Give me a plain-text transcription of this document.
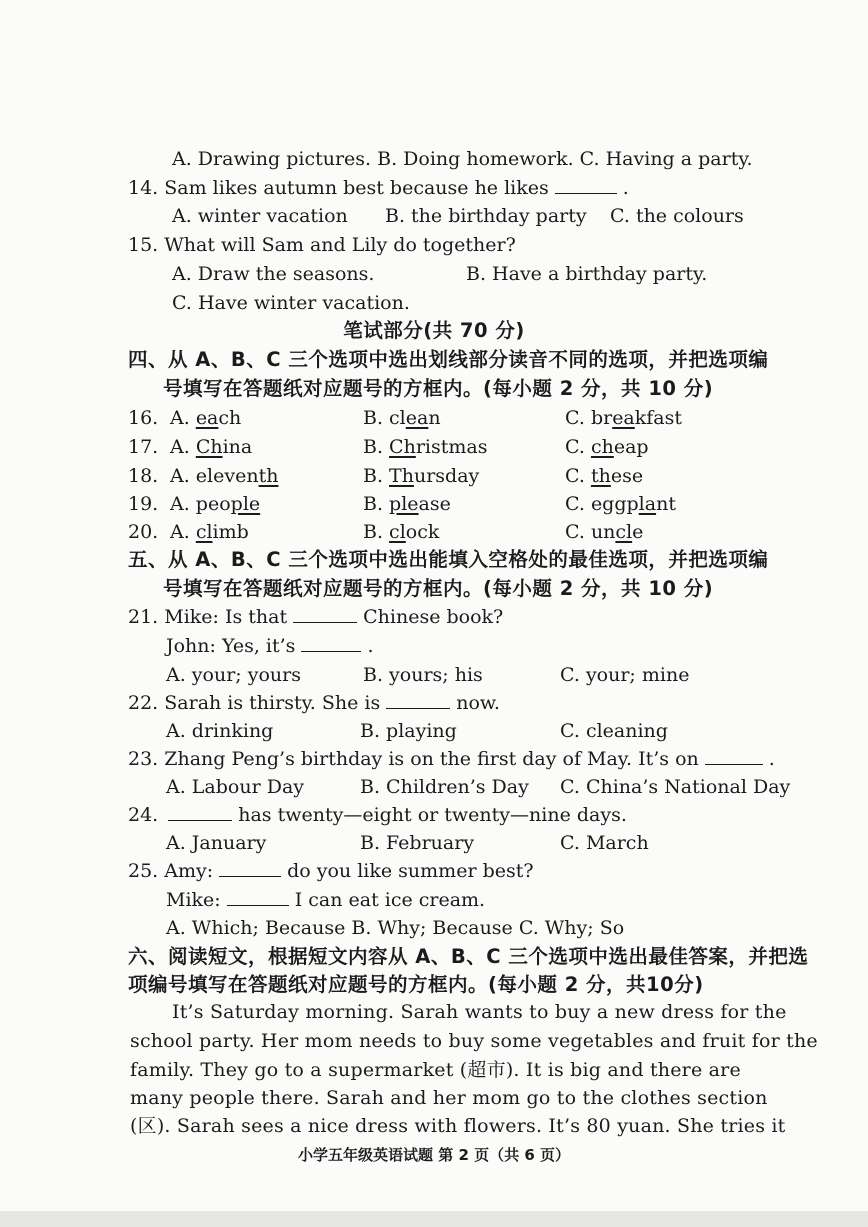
A. Drawing pictures. B. Doing homework. C. Having a party.
14. Sam likes autumn best because he likes	.
A. winter vacation B. the birthday party C. the colours
15. What will Sam and Lily do together?
A. Draw the seasons.	B. Have a birthday party.
C. Have winter vacation.
笔试部分(共 70 分)
四、从 A、B、C 三个选项中选出划线部分读音不同的选项，并把选项编
号填写在答题纸对应题号的方框内。(每小题 2 分，共 10 分)
16. A. each	B. clean	C. breakfast
17. A. China	B. Christmas	C. cheap
18. A. eleventh	B. Thursday	C. these
19. A. people	B. please	C. eggplant
20. A. climb	B. clock	C. uncle
五、从 A、B、C 三个选项中选出能填入空格处的最佳选项，并把选项编
号填写在答题纸对应题号的方框内。(每小题 2 分，共 10 分)
21. Mike: Is that	Chinese book?
John: Yes, it’s	.
A. your; yours	B. yours; his	C. your; mine
22. Sarah is thirsty. She is	now.
A. drinking	B. playing	C. cleaning
23. Zhang Peng’s birthday is on the first day of May. It’s on	.
A. Labour Day	B. Children’s Day C. China’s National Day
24.	has twenty—eight or twenty—nine days.
A. January	B. February	C. March
25. Amy:	do you like summer best?
Mike:	I can eat ice cream.
A. Which; Because B. Why; Because C. Why; So
六、阅读短文，根据短文内容从 A、B、C 三个选项中选出最佳答案，并把选
项编号填写在答题纸对应题号的方框内。(每小题 2 分，共10分)
It’s Saturday morning. Sarah wants to buy a new dress for the
school party. Her mom needs to buy some vegetables and fruit for the
family. They go to a supermarket (超市). It is big and there are
many people there. Sarah and her mom go to the clothes section
(区). Sarah sees a nice dress with flowers. It’s 80 yuan. She tries it
小学五年级英语试题 第 2 页（共 6 页）
